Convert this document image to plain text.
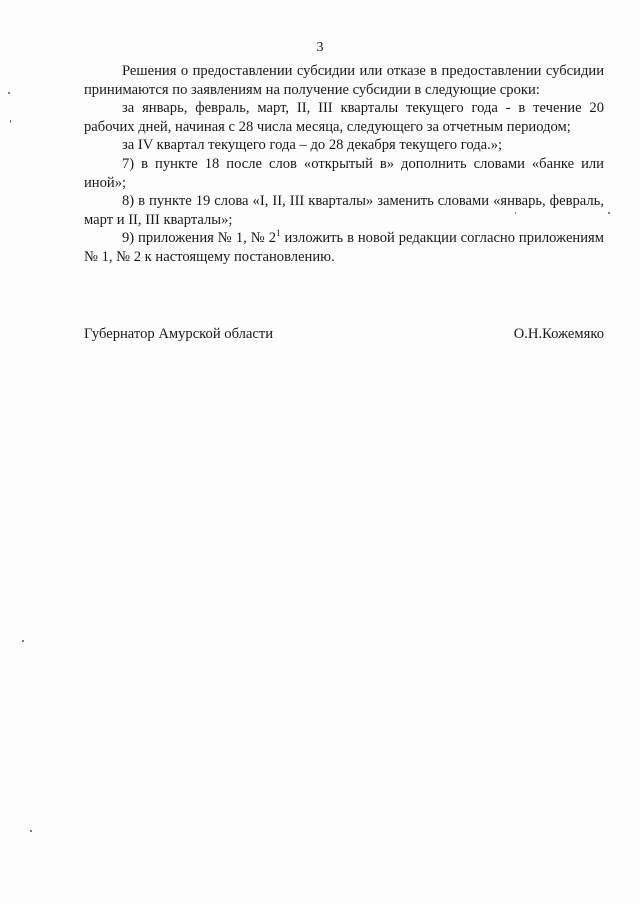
3

Решения о предоставлении субсидии или отказе в предоставлении субсидии принимаются по заявлениям на получение субсидии в следующие сроки:

за январь, февраль, март, II, III кварталы текущего года - в течение 20 рабочих дней, начиная с 28 числа месяца, следующего за отчетным периодом;

за IV квартал текущего года – до 28 декабря текущего года.»;

7) в пункте 18 после слов «открытый в» дополнить словами «банке или иной»;

8) в пункте 19 слова «I, II, III кварталы» заменить словами «январь, февраль, март и II, III кварталы»;

9) приложения № 1, № $2^1$ изложить в новой редакции согласно приложениям № 1, № 2 к настоящему постановлению.

Губернатор Амурской области	О.Н.Кожемяко
